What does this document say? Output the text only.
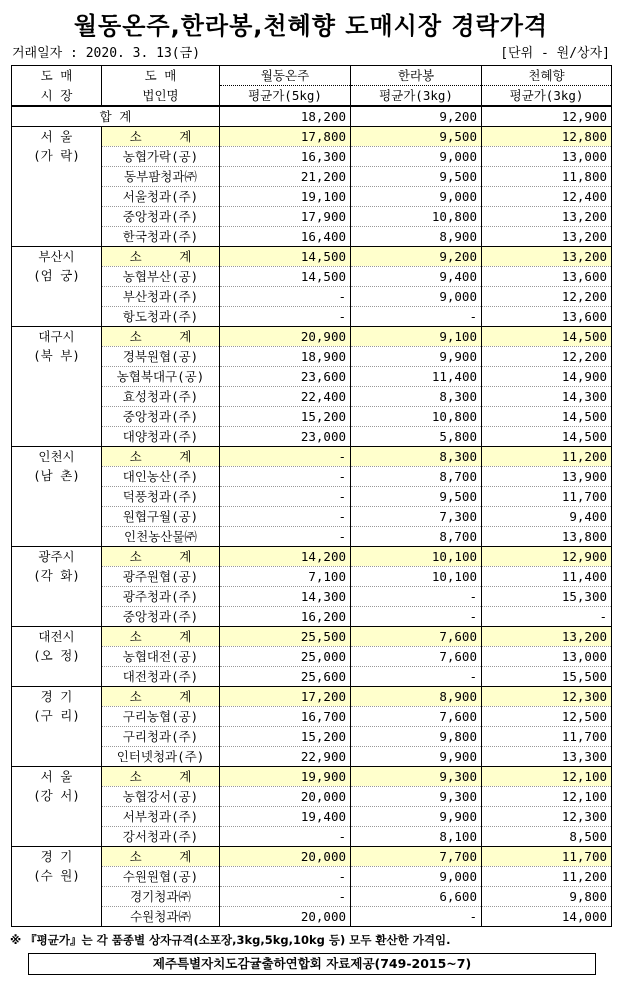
월동온주,한라봉,천혜향 도매시장 경락가격
거래일자 : 2020. 3. 13(금)	[단위 - 원/상자]
도 매	도 매	월동온주	한라봉	천혜향
시 장	법인명	평균가(5kg)	평균가(3kg)	평균가(3kg)
합 계		18,200	9,200	12,900

서 울
(가 락)	소 계	17,800	9,500	12,800
	농협가락(공)	16,300	9,000	13,000
	동부팜청과㈜	21,200	9,500	11,800
	서울청과(주)	19,100	9,000	12,400
	중앙청과(주)	17,900	10,800	13,200
	한국청과(주)	16,400	8,900	13,200

부산시
(엄 궁)	소 계	14,500	9,200	13,200
	농협부산(공)	14,500	9,400	13,600
	부산청과(주)	-	9,000	12,200
	항도청과(주)	-	-	13,600

대구시
(북 부)	소 계	20,900	9,100	14,500
	경북원협(공)	18,900	9,900	12,200
	농협북대구(공)	23,600	11,400	14,900
	효성청과(주)	22,400	8,300	14,300
	중앙청과(주)	15,200	10,800	14,500
	대양청과(주)	23,000	5,800	14,500

인천시
(남 촌)	소 계	-	8,300	11,200
	대인농산(주)	-	8,700	13,900
	덕풍청과(주)	-	9,500	11,700
	원협구월(공)	-	7,300	9,400
	인천농산물㈜	-	8,700	13,800

광주시
(각 화)	소 계	14,200	10,100	12,900
	광주원협(공)	7,100	10,100	11,400
	광주청과(주)	14,300	-	15,300
	중앙청과(주)	16,200	-	-

대전시
(오 정)	소 계	25,500	7,600	13,200
	농협대전(공)	25,000	7,600	13,000
	대전청과(주)	25,600	-	15,500

경 기
(구 리)	소 계	17,200	8,900	12,300
	구리농협(공)	16,700	7,600	12,500
	구리청과(주)	15,200	9,800	11,700
	인터넷청과(주)	22,900	9,900	13,300

서 울
(강 서)	소 계	19,900	9,300	12,100
	농협강서(공)	20,000	9,300	12,100
	서부청과(주)	19,400	9,900	12,300
	강서청과(주)	-	8,100	8,500

경 기
(수 원)	소 계	20,000	7,700	11,700
	수원원협(공)	-	9,000	11,200
	경기청과㈜	-	6,600	9,800
	수원청과㈜	20,000	-	14,000
※ 『평균가』는 각 품종별 상자규격(소포장,3kg,5kg,10kg 등) 모두 환산한 가격임.
제주특별자치도감귤출하연합회 자료제공(749-2015~7)
